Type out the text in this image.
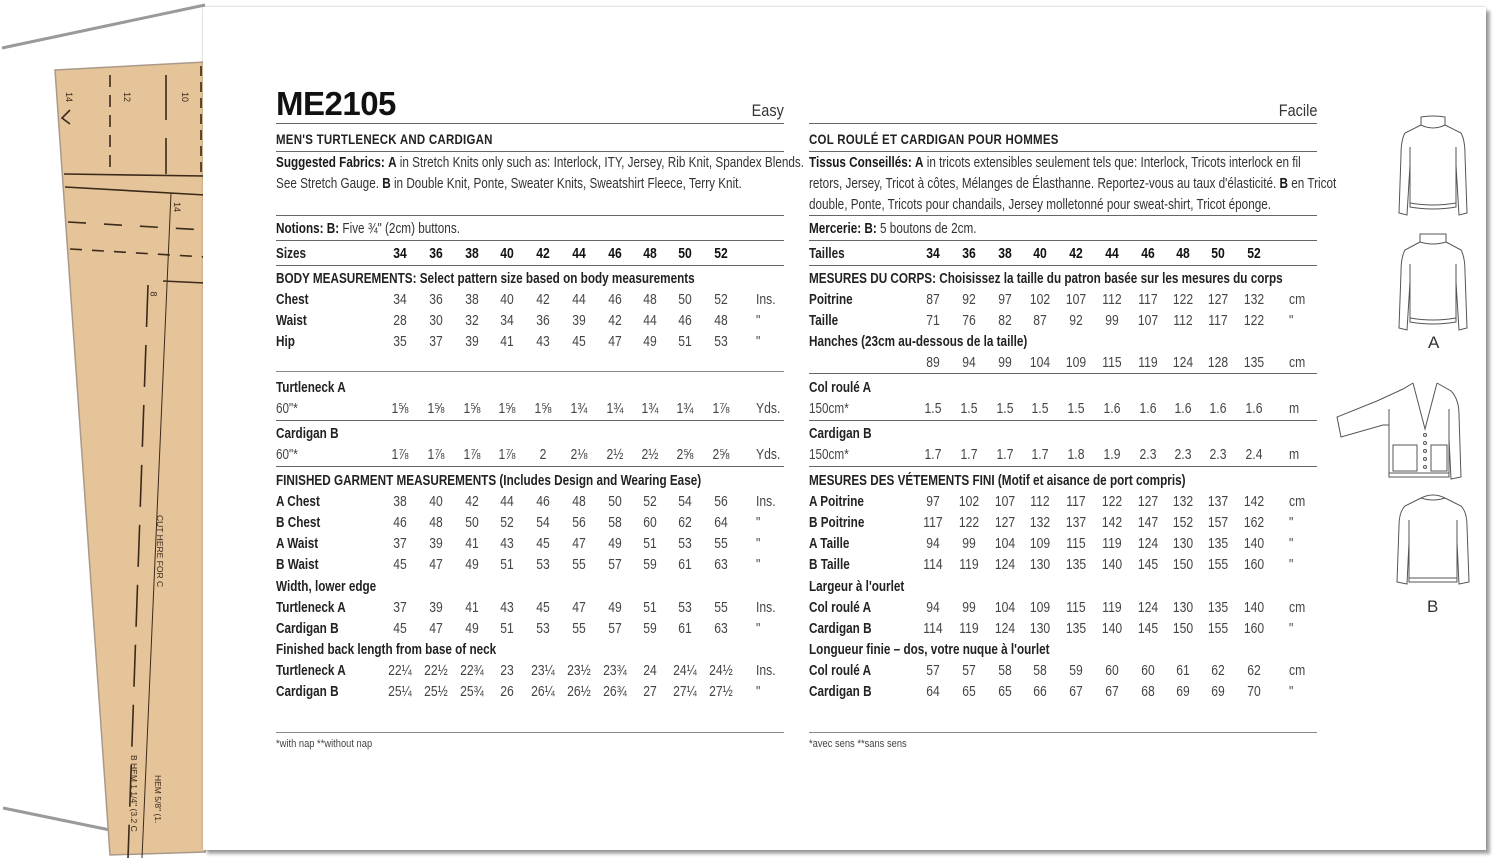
14	12	10
14
8
CUT HERE FOR C
B HEM 1 1/4" (3.2 C HEM 5/8" (1.
ME2105	Easy
MEN'S TURTLENECK AND CARDIGAN
Suggested Fabrics: A in Stretch Knits only such as: Interlock, ITY, Jersey, Rib Knit, Spandex Blends.
See Stretch Gauge. B in Double Knit, Ponte, Sweater Knits, Sweatshirt Fleece, Terry Knit.
Notions: B: Five ¾" (2cm) buttons.
Sizes	34	36	38	40	42	44	46	48	50	52
BODY MEASUREMENTS: Select pattern size based on body measurements
Chest	34	36	38	40	42	44	46	48	50	52	Ins.
Waist	28	30	32	34	36	39	42	44	46	48	"
Hip	35	37	39	41	43	45	47	49	51	53	"
Turtleneck A
60"*	1⅝	1⅝	1⅝	1⅝	1⅝	1¾	1¾	1¾	1¾	1⅞	Yds.
Cardigan B
60"*	1⅞	1⅞	1⅞	1⅞	2	2⅛	2½	2½	2⅝	2⅝	Yds.
FINISHED GARMENT MEASUREMENTS (Includes Design and Wearing Ease)
A Chest	38	40	42	44	46	48	50	52	54	56	Ins.
B Chest	46	48	50	52	54	56	58	60	62	64	"
A Waist	37	39	41	43	45	47	49	51	53	55	"
B Waist	45	47	49	51	53	55	57	59	61	63	"
Width, lower edge
Turtleneck A	37	39	41	43	45	47	49	51	53	55	Ins.
Cardigan B	45	47	49	51	53	55	57	59	61	63	"
Finished back length from base of neck
Turtleneck A	22¼ 22½ 22¾	23	23¼ 23½ 23¾	24	24¼ 24½	Ins.
Cardigan B	25¼ 25½ 25¾	26	26¼ 26½ 26¾	27	27¼ 27½	"
*with nap **without nap
Facile
COL ROULÉ ET CARDIGAN POUR HOMMES
Tissus Conseillés: A in tricots extensibles seulement tels que: Interlock, Tricots interlock en fil
retors, Jersey, Tricot à côtes, Mélanges de Élasthanne. Reportez-vous au taux d'élasticité. B en Tricot
double, Ponte, Tricots pour chandails, Jersey molletonné pour sweat-shirt, Tricot éponge.
Mercerie: B: 5 boutons de 2cm.
Tailles	34	36	38	40	42	44	46	48	50	52
MESURES DU CORPS: Choisissez la taille du patron basée sur les mesures du corps
Poitrine	87	92	97	102	107	112	117	122	127	132	cm
Taille	71	76	82	87	92	99	107	112	117	122	"
Hanches (23cm au-dessous de la taille)
89	94	99	104	109	115	119	124	128	135	cm
Col roulé A
150cm*	1.5	1.5	1.5	1.5	1.5	1.6	1.6	1.6	1.6	1.6	m
Cardigan B
150cm*	1.7	1.7	1.7	1.7	1.8	1.9	2.3	2.3	2.3	2.4	m
MESURES DES VÉTEMENTS FINI (Motif et aisance de port compris)
A Poitrine	97	102	107	112	117	122	127	132	137	142	cm
B Poitrine	117	122	127	132	137	142	147	152	157	162	"
A Taille	94	99	104	109	115	119	124	130	135	140	"
B Taille	114	119	124	130	135	140	145	150	155	160	"
Largeur à l'ourlet
Col roulé A	94	99	104	109	115	119	124	130	135	140	cm
Cardigan B	114	119	124	130	135	140	145	150	155	160	"
Longueur finie – dos, votre nuque à l'ourlet
Col roulé A	57	57	58	58	59	60	60	61	62	62	cm
Cardigan B	64	65	65	66	67	67	68	69	69	70	"
*avec sens **sans sens
A
B
